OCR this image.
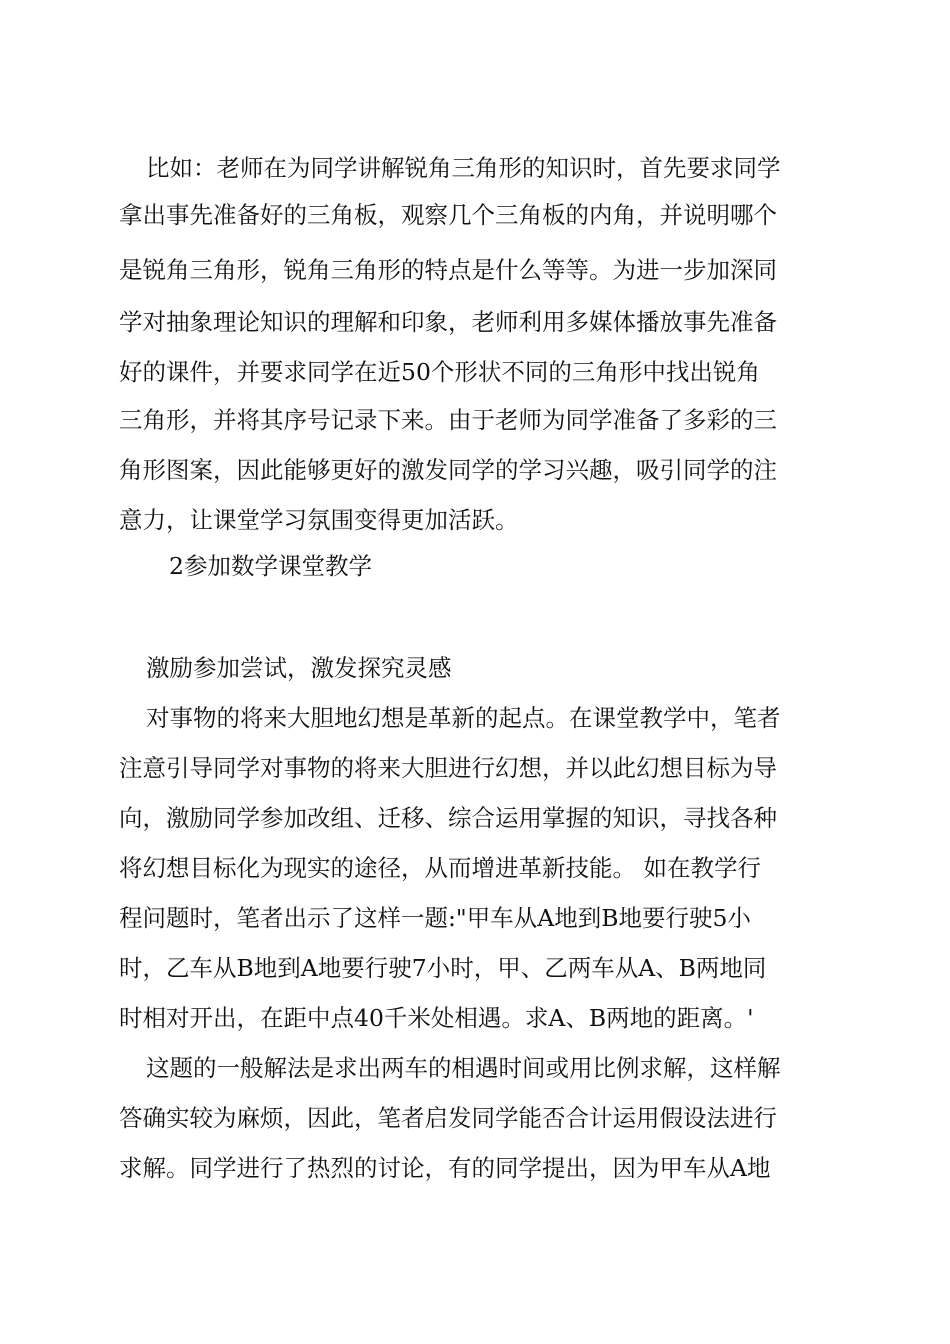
比如：老师在为同学讲解锐角三角形的知识时，首先要求同学
拿出事先准备好的三角板，观察几个三角板的内角，并说明哪个
是锐角三角形，锐角三角形的特点是什么等等。为进一步加深同
学对抽象理论知识的理解和印象，老师利用多媒体播放事先准备
好的课件，并要求同学在近50个形状不同的三角形中找出锐角
三角形，并将其序号记录下来。由于老师为同学准备了多彩的三
角形图案，因此能够更好的激发同学的学习兴趣，吸引同学的注
意力，让课堂学习氛围变得更加活跃。
2参加数学课堂教学
激励参加尝试，激发探究灵感
对事物的将来大胆地幻想是革新的起点。在课堂教学中，笔者
注意引导同学对事物的将来大胆进行幻想，并以此幻想目标为导
向，激励同学参加改组、迁移、综合运用掌握的知识，寻找各种
将幻想目标化为现实的途径，从而增进革新技能。 如在教学行
程问题时，笔者出示了这样一题:"甲车从A地到B地要行驶5小
时，乙车从B地到A地要行驶7小时，甲、乙两车从A、B两地同
时相对开出，在距中点40千米处相遇。求A、B两地的距离。'
这题的一般解法是求出两车的相遇时间或用比例求解，这样解
答确实较为麻烦，因此，笔者启发同学能否合计运用假设法进行
求解。同学进行了热烈的讨论，有的同学提出，因为甲车从A地
